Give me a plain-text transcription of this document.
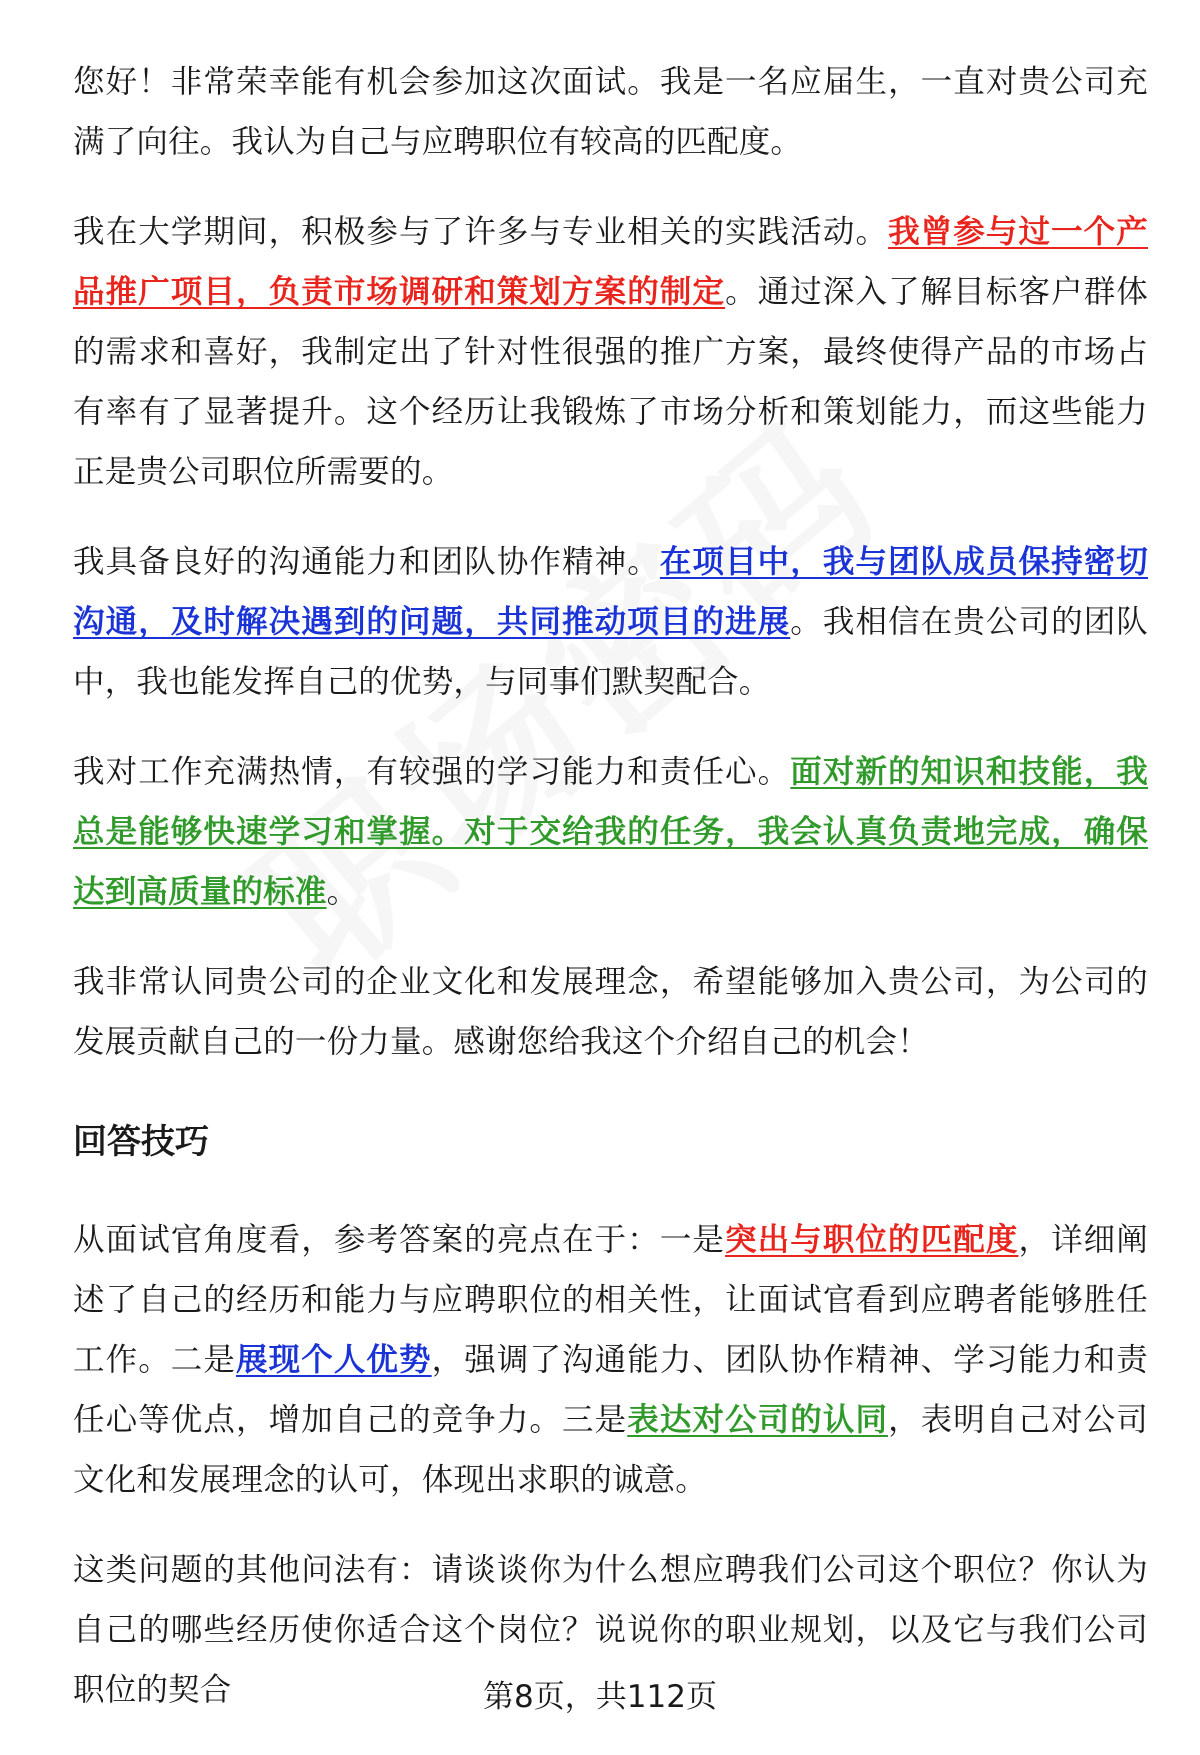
您好！非常荣幸能有机会参加这次面试。我是一名应届生，一直对贵公司充满了向往。我认为自己与应聘职位有较高的匹配度。

我在大学期间，积极参与了许多与专业相关的实践活动。我曾参与过一个产品推广项目，负责市场调研和策划方案的制定。通过深入了解目标客户群体的需求和喜好，我制定出了针对性很强的推广方案，最终使得产品的市场占有率有了显著提升。这个经历让我锻炼了市场分析和策划能力，而这些能力正是贵公司职位所需要的。

我具备良好的沟通能力和团队协作精神。在项目中，我与团队成员保持密切沟通，及时解决遇到的问题，共同推动项目的进展。我相信在贵公司的团队中，我也能发挥自己的优势，与同事们默契配合。

我对工作充满热情，有较强的学习能力和责任心。面对新的知识和技能，我总是能够快速学习和掌握。对于交给我的任务，我会认真负责地完成，确保达到高质量的标准。

我非常认同贵公司的企业文化和发展理念，希望能够加入贵公司，为公司的发展贡献自己的一份力量。感谢您给我这个介绍自己的机会！

回答技巧

从面试官角度看，参考答案的亮点在于：一是突出与职位的匹配度，详细阐述了自己的经历和能力与应聘职位的相关性，让面试官看到应聘者能够胜任工作。二是展现个人优势，强调了沟通能力、团队协作精神、学习能力和责任心等优点，增加自己的竞争力。三是表达对公司的认同，表明自己对公司文化和发展理念的认可，体现出求职的诚意。

这类问题的其他问法有：请谈谈你为什么想应聘我们公司这个职位？你认为自己的哪些经历使你适合这个岗位？说说你的职业规划，以及它与我们公司职位的契合	第8页，共112页
